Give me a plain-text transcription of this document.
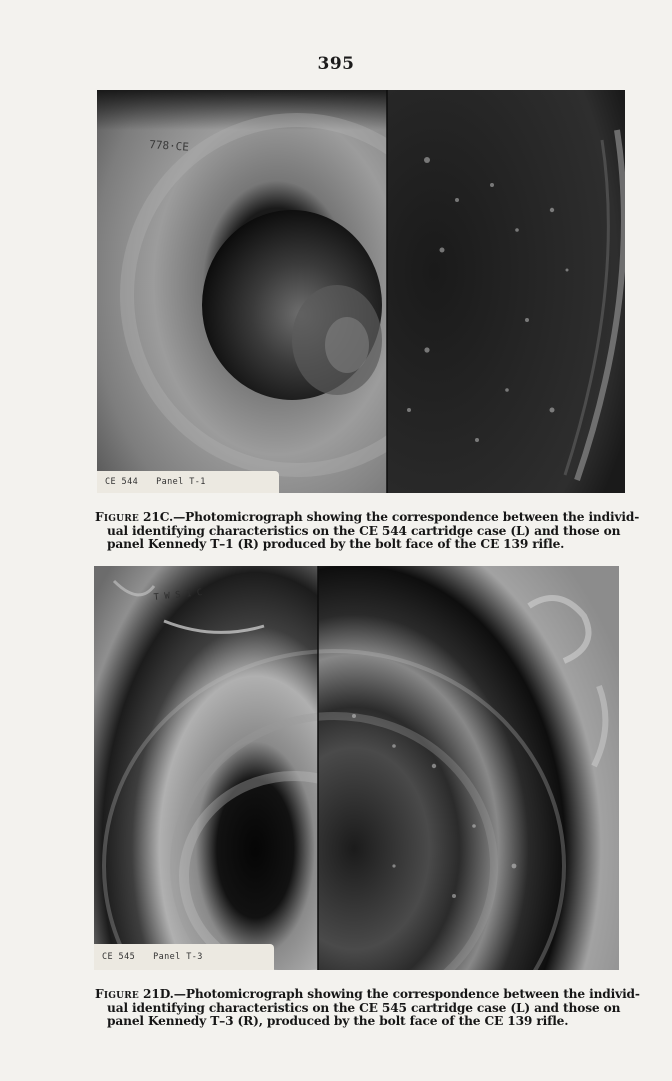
395
778·CE
CE 544 Panel T-1
Figure 21C.—Photomicrograph showing the correspondence between the individ-
ual identifying characteristics on the CE 544 cartridge case (L) and those on
panel Kennedy T–1 (R) produced by the bolt face of the CE 139 rifle.
T W S 1 C
CE 545 Panel T-3
Figure 21D.—Photomicrograph showing the correspondence between the individ-
ual identifying characteristics on the CE 545 cartridge case (L) and those on
panel Kennedy T–3 (R), produced by the bolt face of the CE 139 rifle.
